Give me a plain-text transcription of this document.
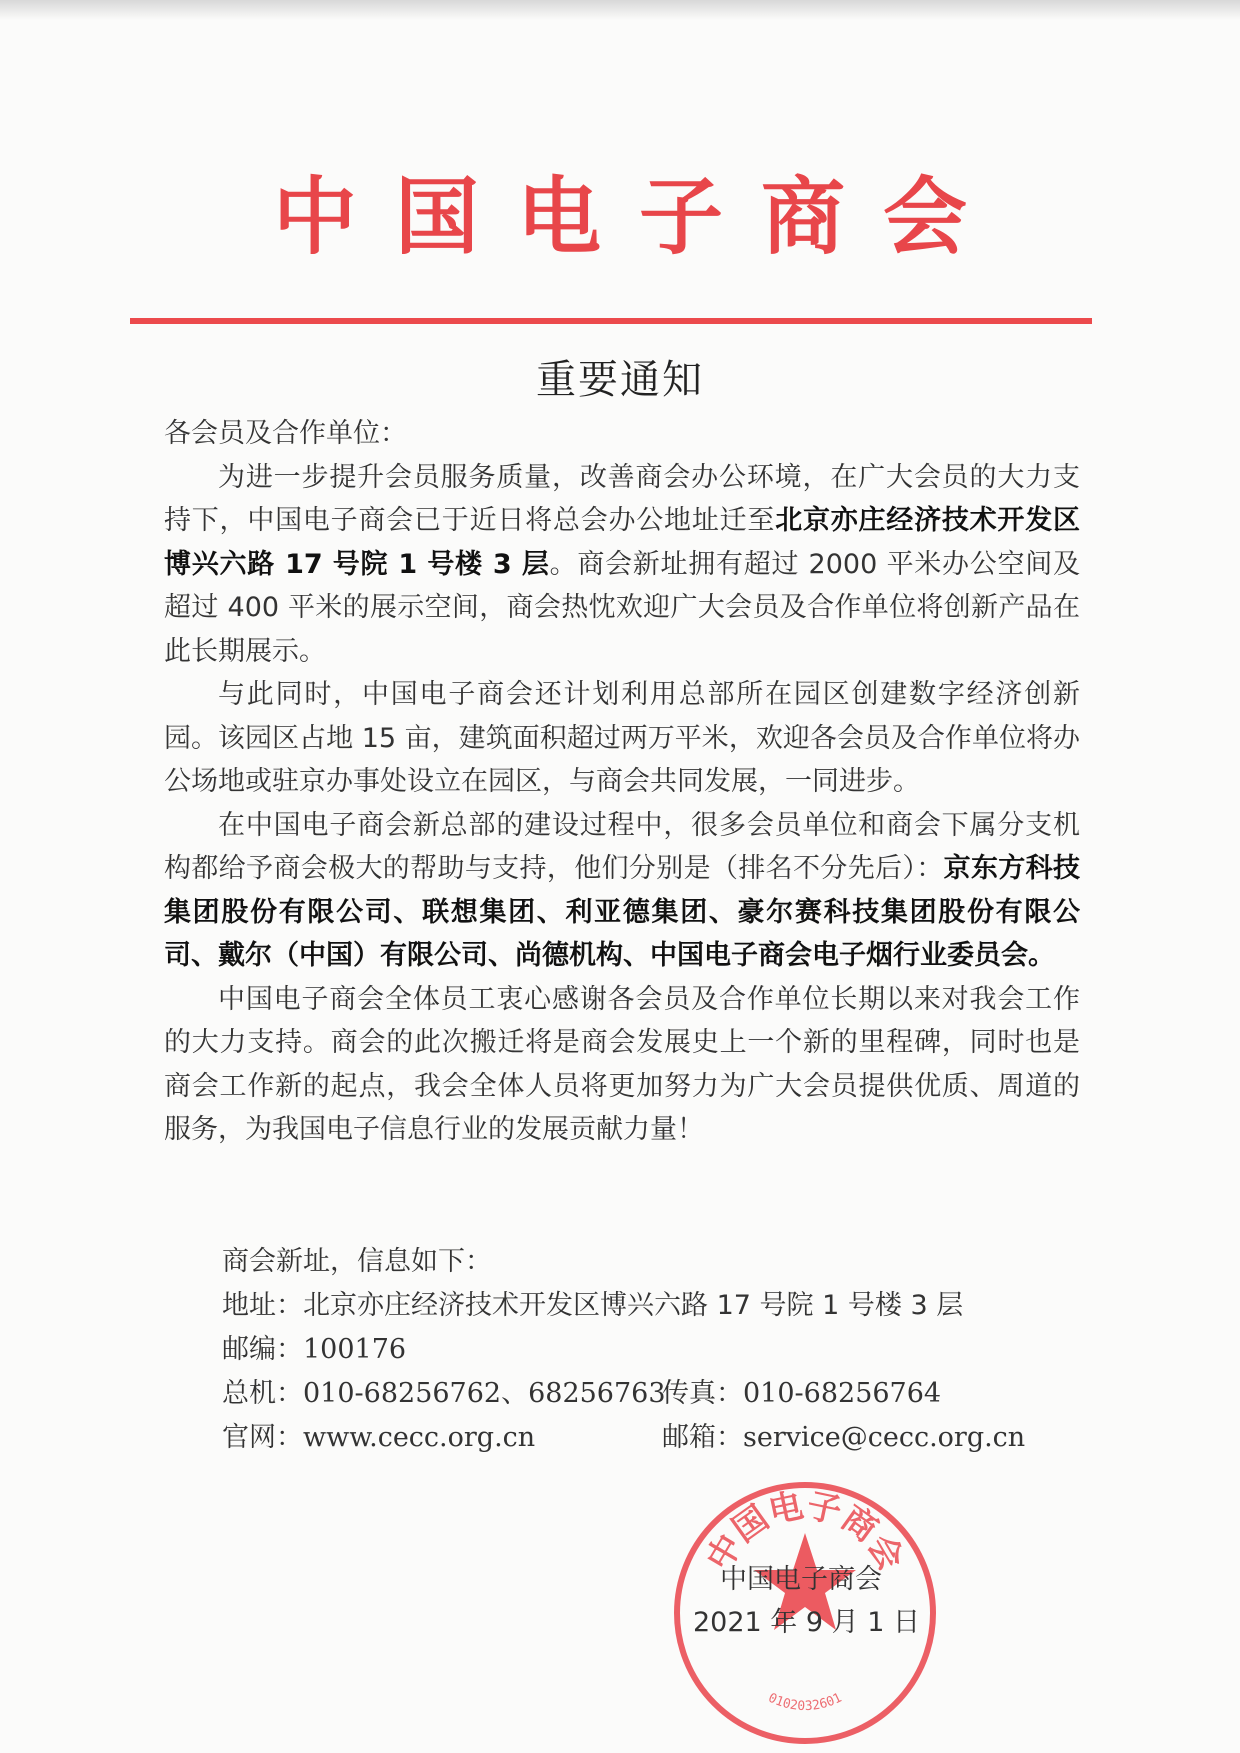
中国电子商会
重要通知

各会员及合作单位：

为进一步提升会员服务质量，改善商会办公环境，在广大会员的大力支持下，中国电子商会已于近日将总会办公地址迁至北京亦庄经济技术开发区博兴六路 17 号院 1 号楼 3 层。商会新址拥有超过 2000 平米办公空间及超过 400 平米的展示空间，商会热忱欢迎广大会员及合作单位将创新产品在此长期展示。

与此同时，中国电子商会还计划利用总部所在园区创建数字经济创新园。该园区占地 15 亩，建筑面积超过两万平米，欢迎各会员及合作单位将办公场地或驻京办事处设立在园区，与商会共同发展，一同进步。

在中国电子商会新总部的建设过程中，很多会员单位和商会下属分支机构都给予商会极大的帮助与支持，他们分别是（排名不分先后）：京东方科技集团股份有限公司、联想集团、利亚德集团、豪尔赛科技集团股份有限公司、戴尔（中国）有限公司、尚德机构、中国电子商会电子烟行业委员会。

中国电子商会全体员工衷心感谢各会员及合作单位长期以来对我会工作的大力支持。商会的此次搬迁将是商会发展史上一个新的里程碑，同时也是商会工作新的起点，我会全体人员将更加努力为广大会员提供优质、周道的服务，为我国电子信息行业的发展贡献力量！

商会新址，信息如下：
地址：北京亦庄经济技术开发区博兴六路 17 号院 1 号楼 3 层
邮编：100176
总机：010-68256762、68256763
传真：010-68256764
官网：www.cecc.org.cn	邮箱：service@cecc.org.cn
中国电子商会
0102032601
中国电子商会
2021 年 9 月 1 日
